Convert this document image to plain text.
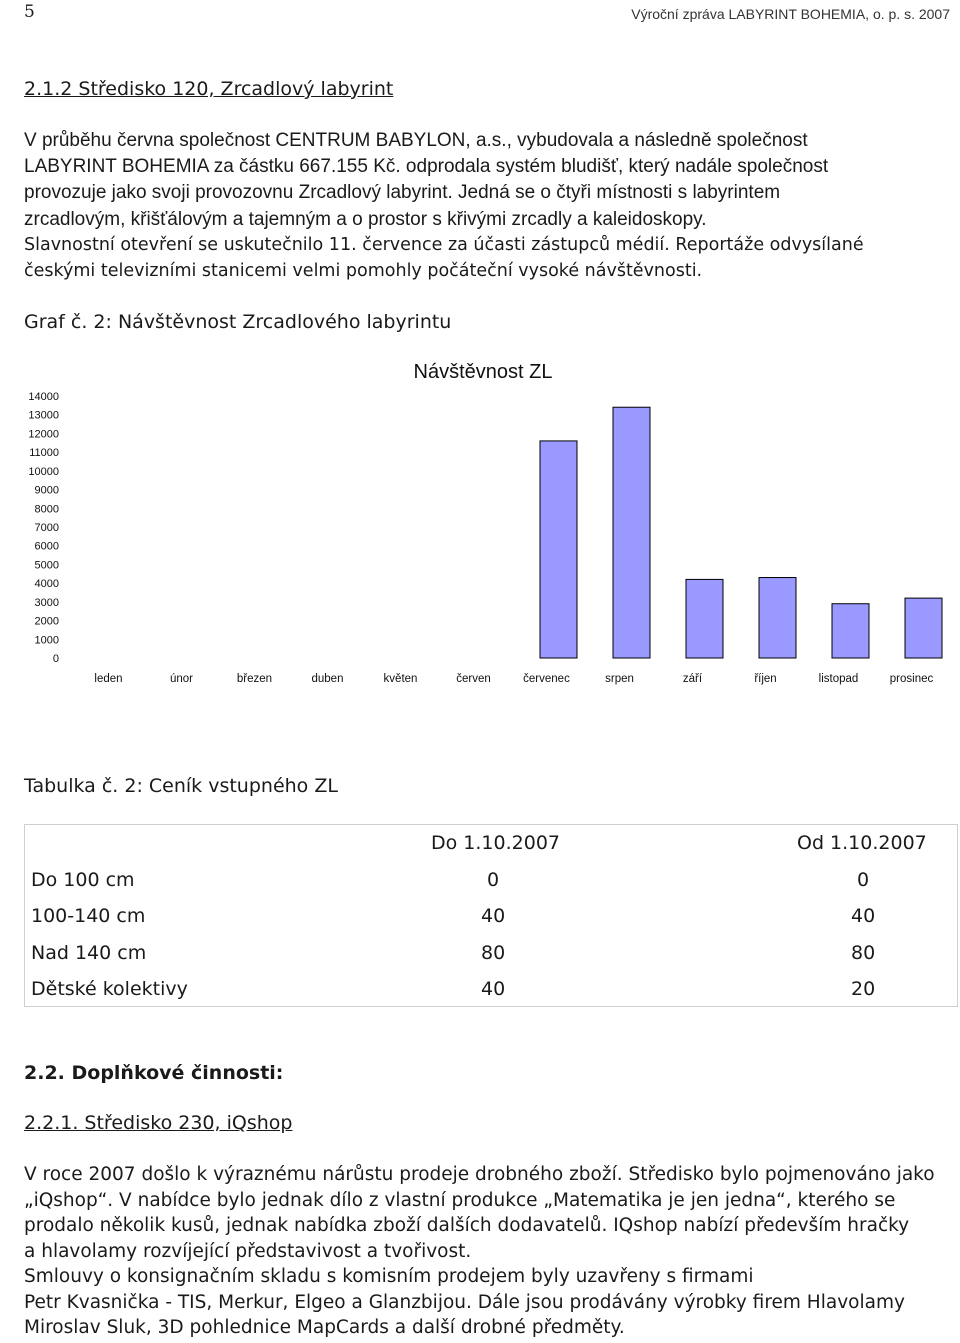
5	Výroční zpráva LABYRINT BOHEMIA, o. p. s. 2007
2.1.2 Středisko 120, Zrcadlový labyrint
V průběhu června společnost CENTRUM BABYLON, a.s., vybudovala a následně společnost
LABYRINT BOHEMIA za částku 667.155 Kč. odprodala systém bludišť, který nadále společnost
provozuje jako svoji provozovnu Zrcadlový labyrint. Jedná se o čtyři místnosti s labyrintem
zrcadlovým, křišťálovým a tajemným a o prostor s křivými zrcadly a kaleidoskopy.
Slavnostní otevření se uskutečnilo 11. července za účasti zástupců médií. Reportáže odvysílané
českými televizními stanicemi velmi pomohly počáteční vysoké návštěvnosti.
Graf č. 2: Návštěvnost Zrcadlového labyrintu
Návštěvnost ZL
0
1000
2000
3000
4000
5000
6000
7000
8000
9000
10000
11000
12000
13000
14000
leden	únor	březen	duben	květen	červen	červenec	srpen	září	říjen	listopad	prosinec
Tabulka č. 2: Ceník vstupného ZL
	Do 1.10.2007	Od 1.10.2007
Do 100 cm	0	0
100-140 cm	40	40
Nad 140 cm	80	80
Dětské kolektivy	40	20
2.2. Doplňkové činnosti:
2.2.1. Středisko 230, iQshop
V roce 2007 došlo k výraznému nárůstu prodeje drobného zboží. Středisko bylo pojmenováno jako
„iQshop“. V nabídce bylo jednak dílo z vlastní produkce „Matematika je jen jedna“, kterého se
prodalo několik kusů, jednak nabídka zboží dalších dodavatelů. IQshop nabízí především hračky
a hlavolamy rozvíjející představivost a tvořivost.
Smlouvy o konsignačním skladu s komisním prodejem byly uzavřeny s firmami
Petr Kvasnička - TIS, Merkur, Elgeo a Glanzbijou. Dále jsou prodávány výrobky firem Hlavolamy
Miroslav Sluk, 3D pohlednice MapCards a další drobné předměty.
